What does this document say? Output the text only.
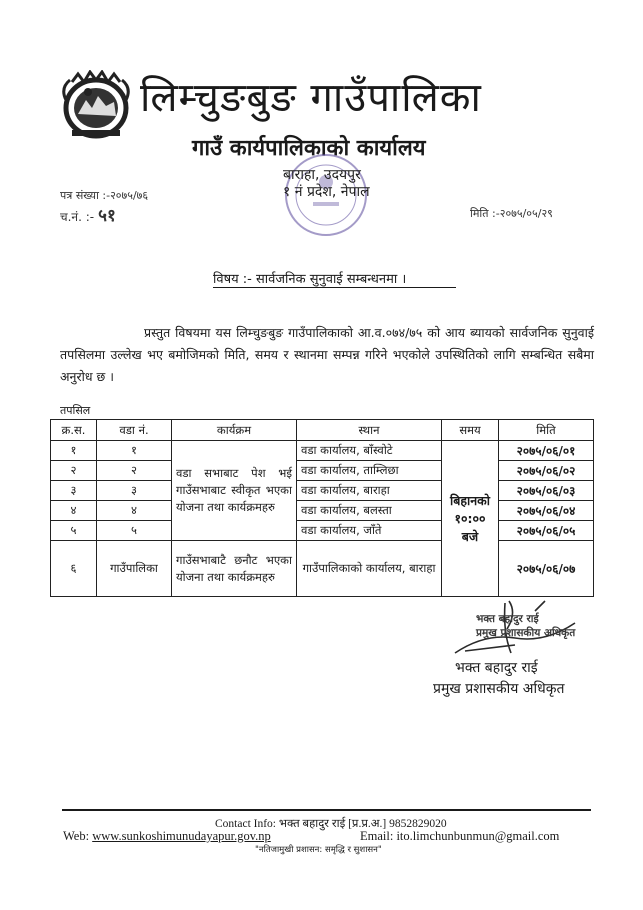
लिम्चुङबुङ गाउँपालिका
गाउँ कार्यपालिकाको कार्यालय
बाराहा, उदयपुर
१ नं प्रदेश, नेपाल
पत्र संख्या :-२०७५/७६
च.नं. :- ५१	मिति :-२०७५/०५/२९
विषय :- सार्वजनिक सुनुवाई सम्बन्धनमा ।
प्रस्तुत विषयमा यस लिम्चुङबुङ गाउँपालिकाको आ.व.०७४/७५ को आय ब्यायको सार्वजनिक सुनुवाई तपसिलमा उल्लेख भए बमोजिमको मिति, समय र स्थानमा सम्पन्न गरिने भएकोले उपस्थितिको लागि सम्बन्धित सबैमा अनुरोध छ ।
तपसिल
क्र.स.	वडा नं.	कार्यक्रम	स्थान	समय	मिति
१	१	वडा सभाबाट पेश भई गाउँसभाबाट स्वीकृत भएका योजना तथा कार्यक्रमहरु	वडा कार्यालय, बाँस्वोटे	बिहानको १०:०० बजे	२०७५/०६/०१
२	२		वडा कार्यालय, ताम्लिछा		२०७५/०६/०२
३	३		वडा कार्यालय, बाराहा		२०७५/०६/०३
४	४		वडा कार्यालय, बलस्ता		२०७५/०६/०४
५	५		वडा कार्यालय, जाँते		२०७५/०६/०५
६	गाउँपालिका	गाउँसभाबाटै छनौट भएका योजना तथा कार्यक्रमहरु	गाउँपालिकाको कार्यालय, बाराहा		२०७५/०६/०७
भक्त बहादुर राई
प्रमुख प्रशासकीय अधिकृत
भक्त बहादुर राई
प्रमुख प्रशासकीय अधिकृत
Contact Info: भक्त बहादुर राई [प्र.प्र.अ.] 9852829020
Web: www.sunkoshimunudayapur.gov.np	Email: ito.limchunbunmun@gmail.com
"नतिजामुखी प्रशासन: समृद्धि र सुशासन"
